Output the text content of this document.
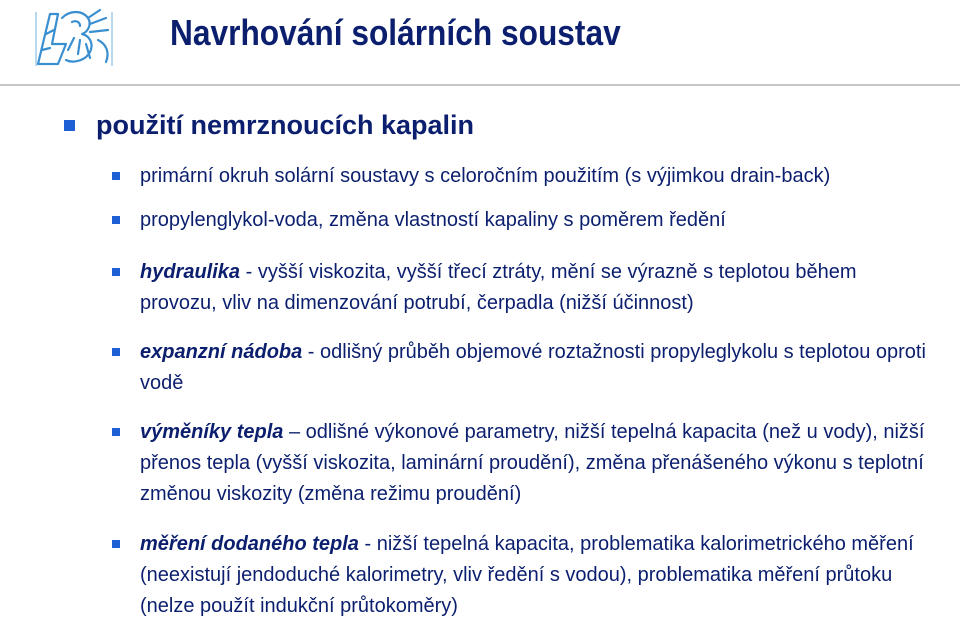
Navrhování solárních soustav
použití nemrznoucích kapalin
primární okruh solární soustavy s celoročním použitím (s výjimkou drain-back)
propylenglykol-voda, změna vlastností kapaliny s poměrem ředění
hydraulika - vyšší viskozita, vyšší třecí ztráty, mění se výrazně s teplotou během provozu, vliv na dimenzování potrubí, čerpadla (nižší účinnost)
expanzní nádoba - odlišný průběh objemové roztažnosti propyleglykolu s teplotou oproti vodě
výměníky tepla – odlišné výkonové parametry, nižší tepelná kapacita (než u vody), nižší přenos tepla (vyšší viskozita, laminární proudění), změna přenášeného výkonu s teplotní změnou viskozity (změna režimu proudění)
měření dodaného tepla - nižší tepelná kapacita, problematika kalorimetrického měření (neexistují jendoduché kalorimetry, vliv ředění s vodou), problematika měření průtoku (nelze použít indukční průtokoměry)
